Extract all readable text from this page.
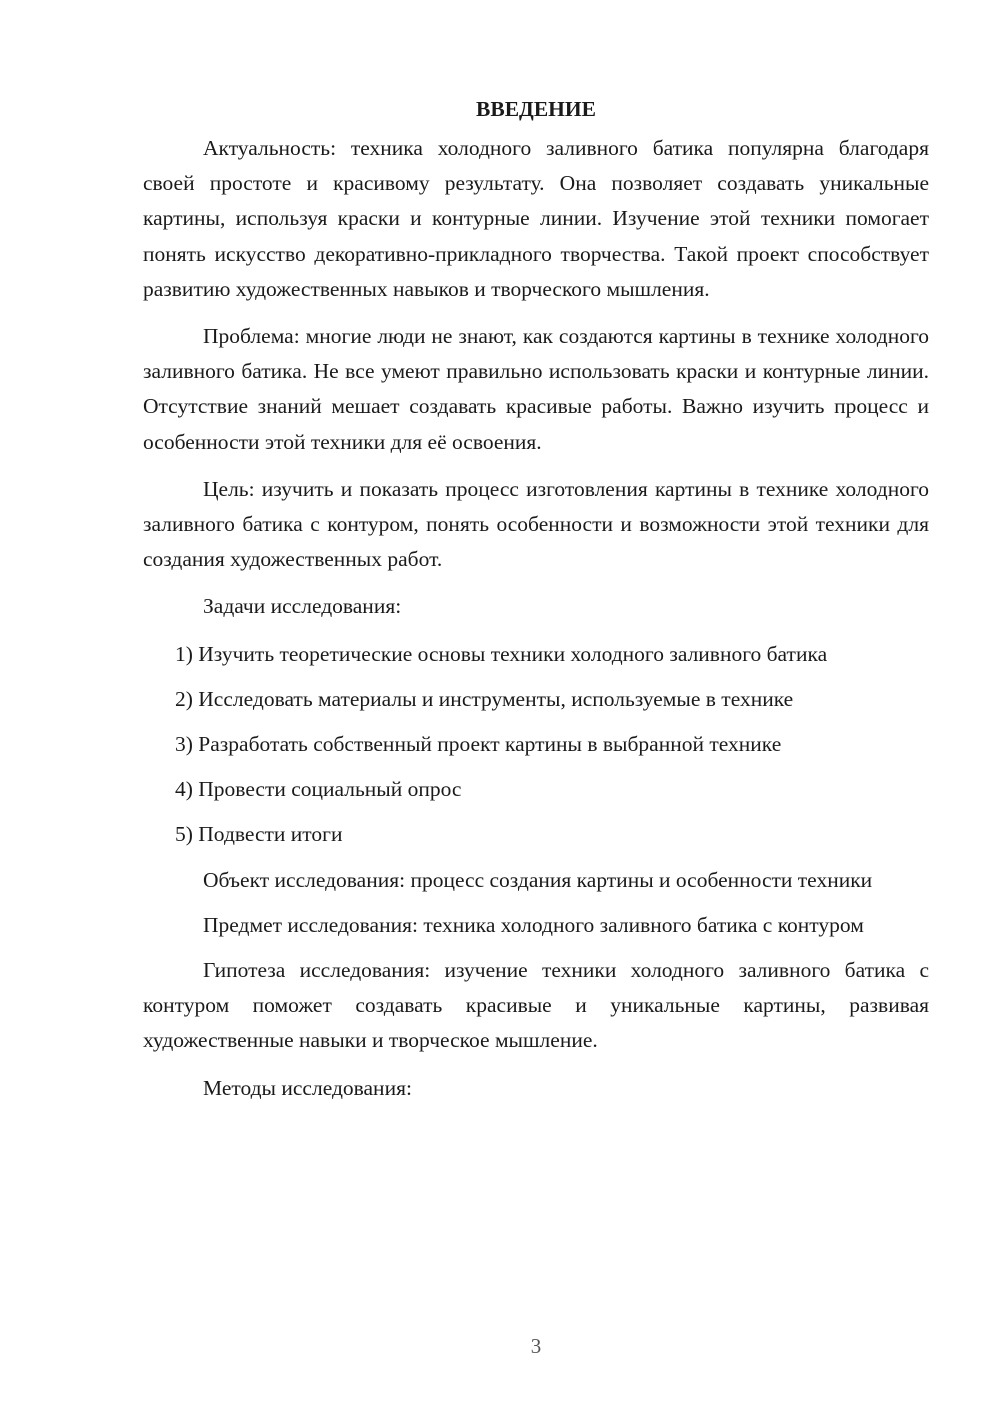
ВВЕДЕНИЕ

Актуальность: техника холодного заливного батика популярна благодаря своей простоте и красивому результату. Она позволяет создавать уникальные картины, используя краски и контурные линии. Изучение этой техники помогает понять искусство декоративно-прикладного творчества. Такой проект способствует развитию художественных навыков и творческого мышления.

Проблема: многие люди не знают, как создаются картины в технике холодного заливного батика. Не все умеют правильно использовать краски и контурные линии. Отсутствие знаний мешает создавать красивые работы. Важно изучить процесс и особенности этой техники для её освоения.

Цель: изучить и показать процесс изготовления картины в технике холодного заливного батика с контуром, понять особенности и возможности этой техники для создания художественных работ.

Задачи исследования:

1) Изучить теоретические основы техники холодного заливного батика

2) Исследовать материалы и инструменты, используемые в технике

3) Разработать собственный проект картины в выбранной технике

4) Провести социальный опрос

5) Подвести итоги

Объект исследования: процесс создания картины и особенности техники

Предмет исследования: техника холодного заливного батика с контуром

Гипотеза исследования: изучение техники холодного заливного батика с контуром поможет создавать красивые и уникальные картины, развивая художественные навыки и творческое мышление.

Методы исследования:

3
